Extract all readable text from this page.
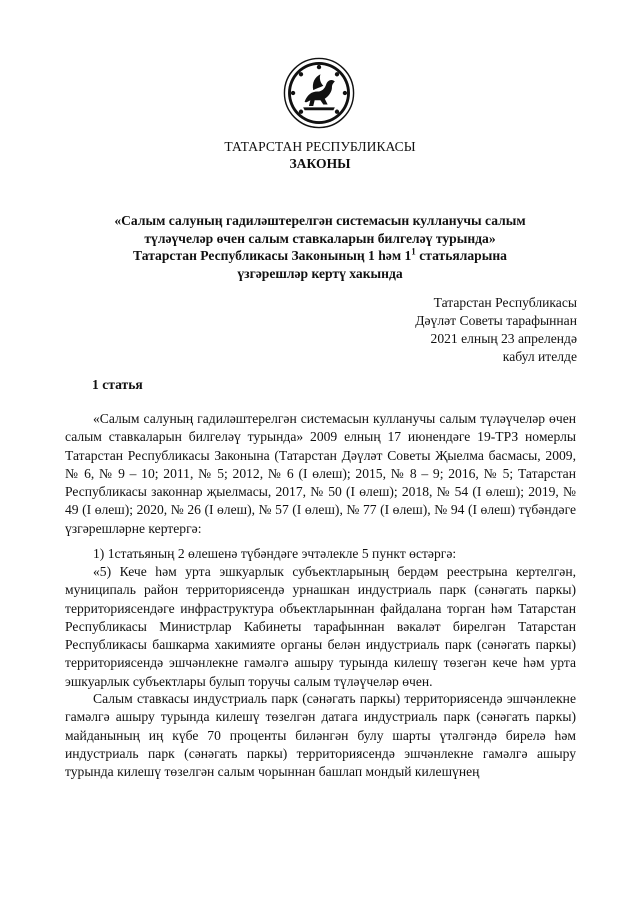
ТАТАРСТАН РЕСПУБЛИКАСЫ
ЗАКОНЫ
«Салым салуның гадиләштерелгән системасын кулланучы салым
түләүчеләр өчен салым ставкаларын билгеләү турында»
Татарстан Республикасы Законының 1 һәм $1^1$ статьяларына
үзгәрешләр кертү хакында
Татарстан Республикасы
Дәүләт Советы тарафыннан
2021 елның 23 апрелендә
кабул ителде
1 статья

«Салым салуның гадиләштерелгән системасын кулланучы салым түләүчеләр өчен салым ставкаларын билгеләү турында» 2009 елның 17 июнендәге 19-ТРЗ номерлы Татарстан Республикасы Законына (Татарстан Дәүләт Советы Җыелма басмасы, 2009, № 6, № 9 – 10; 2011, № 5; 2012, № 6 (I өлеш); 2015, № 8 – 9; 2016, № 5; Татарстан Республикасы законнар җыелмасы, 2017, № 50 (I өлеш); 2018, № 54 (I өлеш); 2019, № 49 (I өлеш); 2020, № 26 (I өлеш), № 57 (I өлеш), № 77 (I өлеш), № 94 (I өлеш) түбәндәге үзгәрешләрне кертергә:

1) 1статьяның 2 өлешенә түбәндәге эчтәлекле 5 пункт өстәргә:

«5) Кече һәм урта эшкуарлык субъектларының бердәм реестрына кертелгән, муниципаль район территориясендә урнашкан индустриаль парк (сәнәгать паркы) территориясендәге инфраструктура объектларыннан файдалана торган һәм Татарстан Республикасы Министрлар Кабинеты тарафыннан вәкаләт бирелгән Татарстан Республикасы башкарма хакимияте органы белән индустриаль парк (сәнәгать паркы) территориясендә эшчәнлекне гамәлгә ашыру турында килешү төзегән кече һәм урта эшкуарлык субъектлары булып торучы салым түләүчеләр өчен.

Салым ставкасы индустриаль парк (сәнәгать паркы) территориясендә эшчәнлекне гамәлгә ашыру турында килешү төзелгән датага индустриаль парк (сәнәгать паркы) майданының иң күбе 70 проценты биләнгән булу шарты үтәлгәндә бирелә һәм индустриаль парк (сәнәгать паркы) территориясендә эшчәнлекне гамәлгә ашыру турында килешү төзелгән салым чорыннан башлап мондый килешүнең
